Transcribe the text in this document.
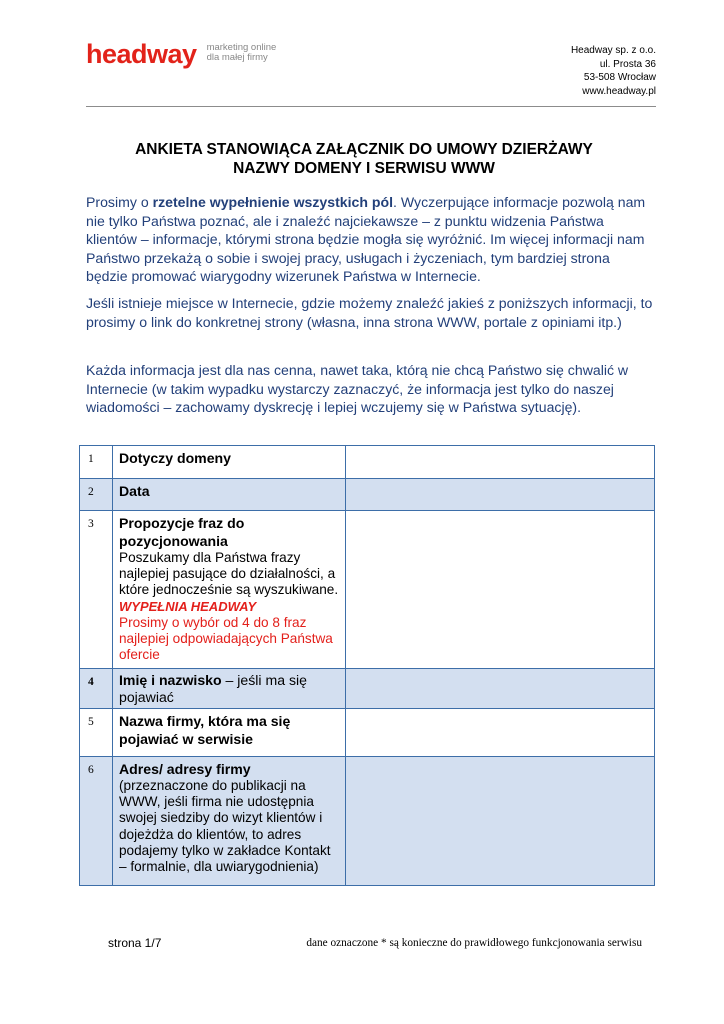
headway marketing online
dla małej firmy
Headway sp. z o.o.
ul. Prosta 36
53-508 Wrocław
www.headway.pl
ANKIETA STANOWIĄCA ZAŁĄCZNIK DO UMOWY DZIERŻAWY
NAZWY DOMENY I SERWISU WWW
Prosimy o rzetelne wypełnienie wszystkich pól. Wyczerpujące informacje pozwolą nam nie tylko Państwa poznać, ale i znaleźć najciekawsze – z punktu widzenia Państwa klientów – informacje, którymi strona będzie mogła się wyróżnić. Im więcej informacji nam Państwo przekażą o sobie i swojej pracy, usługach i życzeniach, tym bardziej strona będzie promować wiarygodny wizerunek Państwa w Internecie.
Jeśli istnieje miejsce w Internecie, gdzie możemy znaleźć jakieś z poniższych informacji, to prosimy o link do konkretnej strony (własna, inna strona WWW, portale z opiniami itp.)
Każda informacja jest dla nas cenna, nawet taka, którą nie chcą Państwo się chwalić w Internecie (w takim wypadku wystarczy zaznaczyć, że informacja jest tylko do naszej wiadomości – zachowamy dyskrecję i lepiej wczujemy się w Państwa sytuację).
1	Dotyczy domeny	

2	Data	

3	Propozycje fraz do pozycjonowania
Poszukamy dla Państwa frazy najlepiej pasujące do działalności, a które jednocześnie są wyszukiwane.
WYPEŁNIA HEADWAY
Prosimy o wybór od 4 do 8 fraz najlepiej odpowiadających Państwa ofercie	

4	Imię i nazwisko – jeśli ma się pojawiać	

5	Nazwa firmy, która ma się pojawiać w serwisie	

6	Adres/ adresy firmy
(przeznaczone do publikacji na WWW, jeśli firma nie udostępnia swojej siedziby do wizyt klientów i dojeżdża do klientów, to adres podajemy tylko w zakładce Kontakt – formalnie, dla uwiarygodnienia)	

strona 1/7	dane oznaczone * są konieczne do prawidłowego funkcjonowania serwisu
